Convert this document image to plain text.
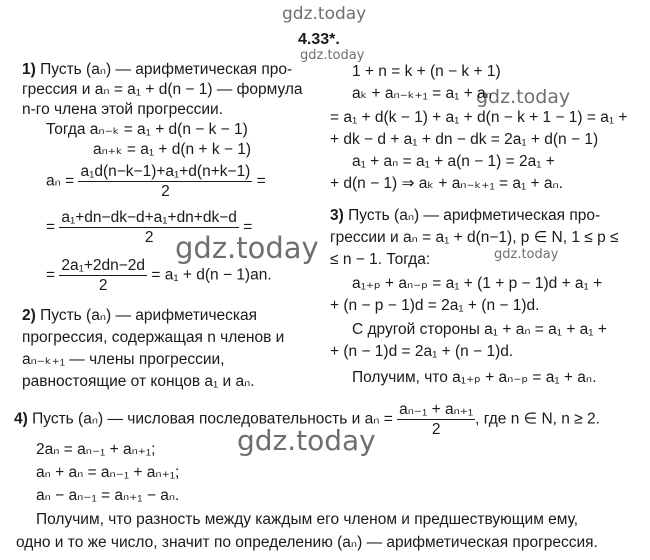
gdz.today
gdz.today
gdz.today
gdz.today	gdz.today
gdz.today
4.33*.
1) Пусть (aₙ) — арифметическая про-
грессия и aₙ = a₁ + d(n − 1) — формула
n-го члена этой прогрессии.
Тогда aₙ₋ₖ = a₁ + d(n − k − 1)
aₙ₊ₖ = a₁ + d(n + k − 1)
$a_n = \frac{\text{a₁d(n−k−1)+a₁+d(n+k−1)}}{2}$ =
= $\frac{\text{a₁+dn−dk−d+a₁+dn+dk−d}}{2}$ =
= $\frac{\text{2a₁+2dn−2d}}{2} = a_1 + d(n - 1)an$.
1 + n = k + (n − k + 1)
aₖ + aₙ₋ₖ₊₁ = a₁ + aₙ
= a₁ + d(k − 1) + a₁ + d(n − k + 1 − 1) = a₁ +
+ dk − d + a₁ + dn − dk = 2a₁ + d(n − 1)
a₁ + aₙ = a₁ + a(n − 1) = 2a₁ +
+ d(n − 1) ⇒ aₖ + aₙ₋ₖ₊₁ = a₁ + aₙ.
3) Пусть (aₙ) — арифметическая про-
грессии и aₙ = a₁ + d(n−1), p ∈ N, 1 ≤ p ≤
≤ n − 1. Тогда:
a₁₊ₚ + aₙ₋ₚ = a₁ + (1 + p − 1)d + a₁ +
+ (n − p − 1)d = 2a₁ + (n − 1)d.
С другой стороны a₁ + aₙ = a₁ + a₁ +
+ (n − 1)d = 2a₁ + (n − 1)d.
Получим, что a₁₊ₚ + aₙ₋ₚ = a₁ + aₙ.
2) Пусть (aₙ) — арифметическая
прогрессия, содержащая n членов и
aₙ₋ₖ₊₁ — члены прогрессии,
равностоящие от концов a₁ и aₙ.
4) Пусть (aₙ) — числовая последовательность и $a_n = \frac{\text{aₙ₋₁ + aₙ₊₁}}{2}$ , где n ∈ N, n ≥ 2.
2aₙ = aₙ₋₁ + aₙ₊₁;
aₙ + aₙ = aₙ₋₁ + aₙ₊₁;
aₙ − aₙ₋₁ = aₙ₊₁ − aₙ.
Получим, что разность между каждым его членом и предшествующим ему,
одно и то же число, значит по определению (aₙ) — арифметическая прогрессия.
